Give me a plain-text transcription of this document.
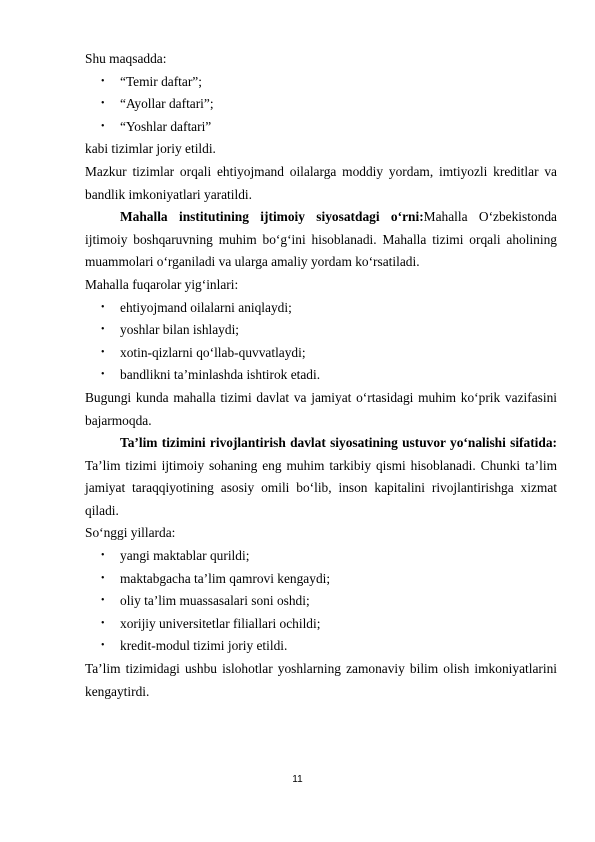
Shu maqsadda:

• “Temir daftar”;
• “Ayollar daftari”;
• “Yoshlar daftari”

kabi tizimlar joriy etildi.

Mazkur tizimlar orqali ehtiyojmand oilalarga moddiy yordam, imtiyozli kreditlar va bandlik imkoniyatlari yaratildi.

Mahalla institutining ijtimoiy siyosatdagi o‘rni:Mahalla O‘zbekistonda ijtimoiy boshqaruvning muhim bo‘g‘ini hisoblanadi. Mahalla tizimi orqali aholining muammolari o‘rganiladi va ularga amaliy yordam ko‘rsatiladi.

Mahalla fuqarolar yig‘inlari:

• ehtiyojmand oilalarni aniqlaydi;
• yoshlar bilan ishlaydi;
• xotin-qizlarni qo‘llab-quvvatlaydi;
• bandlikni ta’minlashda ishtirok etadi.

Bugungi kunda mahalla tizimi davlat va jamiyat o‘rtasidagi muhim ko‘prik vazifasini bajarmoqda.

Ta’lim tizimini rivojlantirish davlat siyosatining ustuvor yo‘nalishi sifatida: Ta’lim tizimi ijtimoiy sohaning eng muhim tarkibiy qismi hisoblanadi. Chunki ta’lim jamiyat taraqqiyotining asosiy omili bo‘lib, inson kapitalini rivojlantirishga xizmat qiladi.

So‘nggi yillarda:

• yangi maktablar qurildi;
• maktabgacha ta’lim qamrovi kengaydi;
• oliy ta’lim muassasalari soni oshdi;
• xorijiy universitetlar filiallari ochildi;
• kredit-modul tizimi joriy etildi.

Ta’lim tizimidagi ushbu islohotlar yoshlarning zamonaviy bilim olish imkoniyatlarini kengaytirdi.

11
